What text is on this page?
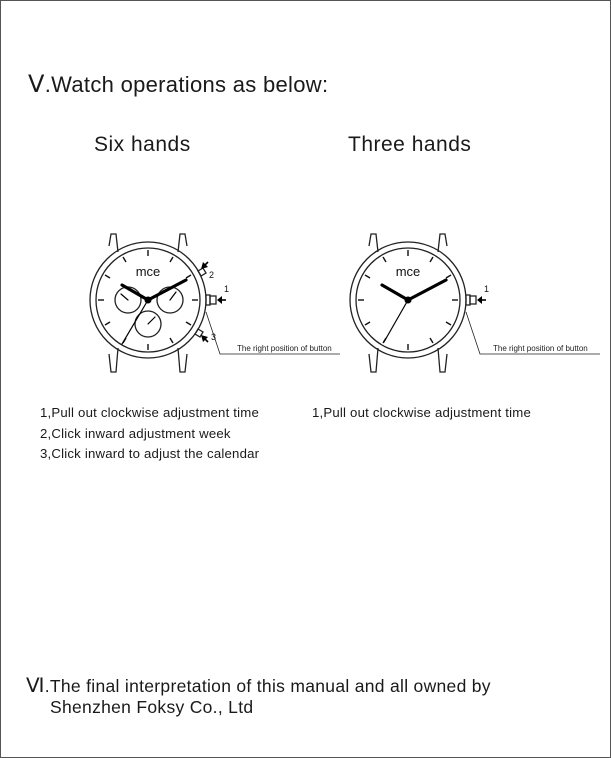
Ⅴ.Watch operations as below:
Six hands	Three hands
mce
1
2
3
The right position of button
mce
1
The right position of button
1,Pull out clockwise adjustment time
2,Click inward adjustment week
3,Click inward to adjust the calendar
1,Pull out clockwise adjustment time
Ⅵ.The final interpretation of this manual and all owned by
Shenzhen Foksy Co., Ltd
